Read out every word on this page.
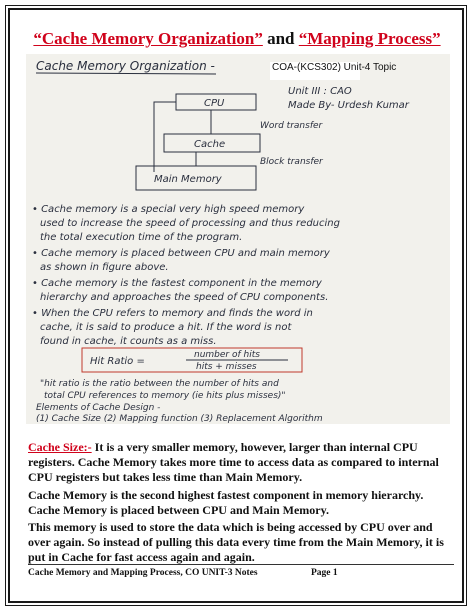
“Cache Memory Organization” and “Mapping Process”
Cache Memory Organization -
Unit III : CAO
Made By- Urdesh Kumar
CPU
Cache
Main Memory
Word transfer
Block transfer
• Cache memory is a special very high speed memory
used to increase the speed of processing and thus reducing
the total execution time of the program.
• Cache memory is placed between CPU and main memory
as shown in figure above.
• Cache memory is the fastest component in the memory
hierarchy and approaches the speed of CPU components.
• When the CPU refers to memory and finds the word in
cache, it is said to produce a hit. If the word is not
found in cache, it counts as a miss.
Hit Ratio =
number of hits
hits + misses
"hit ratio is the ratio between the number of hits and
total CPU references to memory (ie hits plus misses)"
Elements of Cache Design -
(1) Cache Size (2) Mapping function (3) Replacement Algorithm
COA-(KCS302) Unit-4 Topic
Cache Size:- It is a very smaller memory, however, larger than internal CPU registers. Cache Memory takes more time to access data as compared to internal CPU registers but takes less time than Main Memory.
Cache Memory is the second highest fastest component in memory hierarchy. Cache Memory is placed between CPU and Main Memory.
This memory is used to store the data which is being accessed by CPU over and over again. So instead of pulling this data every time from the Main Memory, it is put in Cache for fast access again and again.
Cache Memory and Mapping Process, CO UNIT-3 Notes	Page 1
